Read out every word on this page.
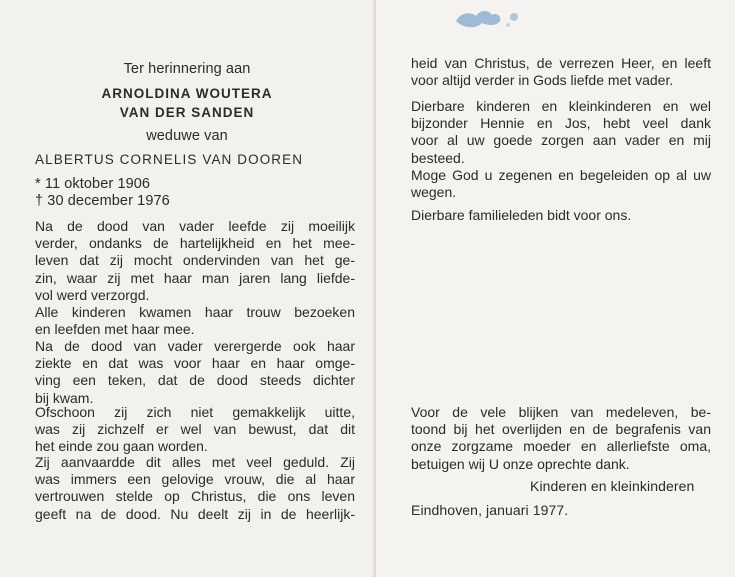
Ter herinnering aan
ARNOLDINA WOUTERA
VAN DER SANDEN
weduwe van
ALBERTUS CORNELIS VAN DOOREN
* 11 oktober 1906
† 30 december 1976
Na de dood van vader leefde zij moeilijk
verder, ondanks de hartelijkheid en het mee-
leven dat zij mocht ondervinden van het ge-
zin, waar zij met haar man jaren lang liefde-
vol werd verzorgd.
Alle kinderen kwamen haar trouw bezoeken
en leefden met haar mee.
Na de dood van vader verergerde ook haar
ziekte en dat was voor haar en haar omge-
ving een teken, dat de dood steeds dichter
bij kwam.
Ofschoon zij zich niet gemakkelijk uitte,
was zij zichzelf er wel van bewust, dat dit
het einde zou gaan worden.
Zij aanvaardde dit alles met veel geduld. Zij
was immers een gelovige vrouw, die al haar
vertrouwen stelde op Christus, die ons leven
geeft na de dood. Nu deelt zij in de heerlijk-
heid van Christus, de verrezen Heer, en leeft
voor altijd verder in Gods liefde met vader.
Dierbare kinderen en kleinkinderen en wel
bijzonder Hennie en Jos, hebt veel dank
voor al uw goede zorgen aan vader en mij
besteed.
Moge God u zegenen en begeleiden op al uw
wegen.
Dierbare familieleden bidt voor ons.
Voor de vele blijken van medeleven, be-
toond bij het overlijden en de begrafenis van
onze zorgzame moeder en allerliefste oma,
betuigen wij U onze oprechte dank.
Kinderen en kleinkinderen
Eindhoven, januari 1977.
